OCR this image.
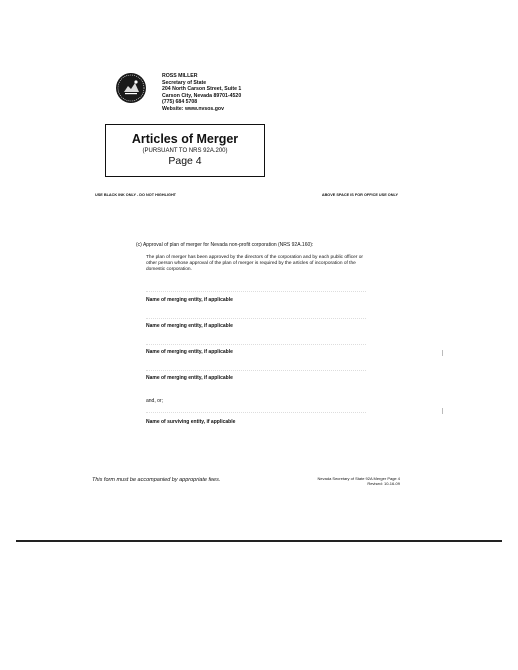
ROSS MILLER
Secretary of State
204 North Carson Street, Suite 1
Carson City, Nevada 89701-4520
(775) 684 5708
Website: www.nvsos.gov
Articles of Merger
(PURSUANT TO NRS 92A.200)
Page 4
USE BLACK INK ONLY - DO NOT HIGHLIGHT	ABOVE SPACE IS FOR OFFICE USE ONLY
(c) Approval of plan of merger for Nevada non-profit corporation (NRS 92A.160):
The plan of merger has been approved by the directors of the corporation and by each public officer or other person whose approval of the plan of merger is required by the articles of incorporation of the domestic corporation.
Name of merging entity, if applicable
Name of merging entity, if applicable
Name of merging entity, if applicable
Name of merging entity, if applicable
and, or;
Name of surviving entity, if applicable
This form must be accompanied by appropriate fees.	Nevada Secretary of State 92A Merger Page 4
Revised: 10-16-09
